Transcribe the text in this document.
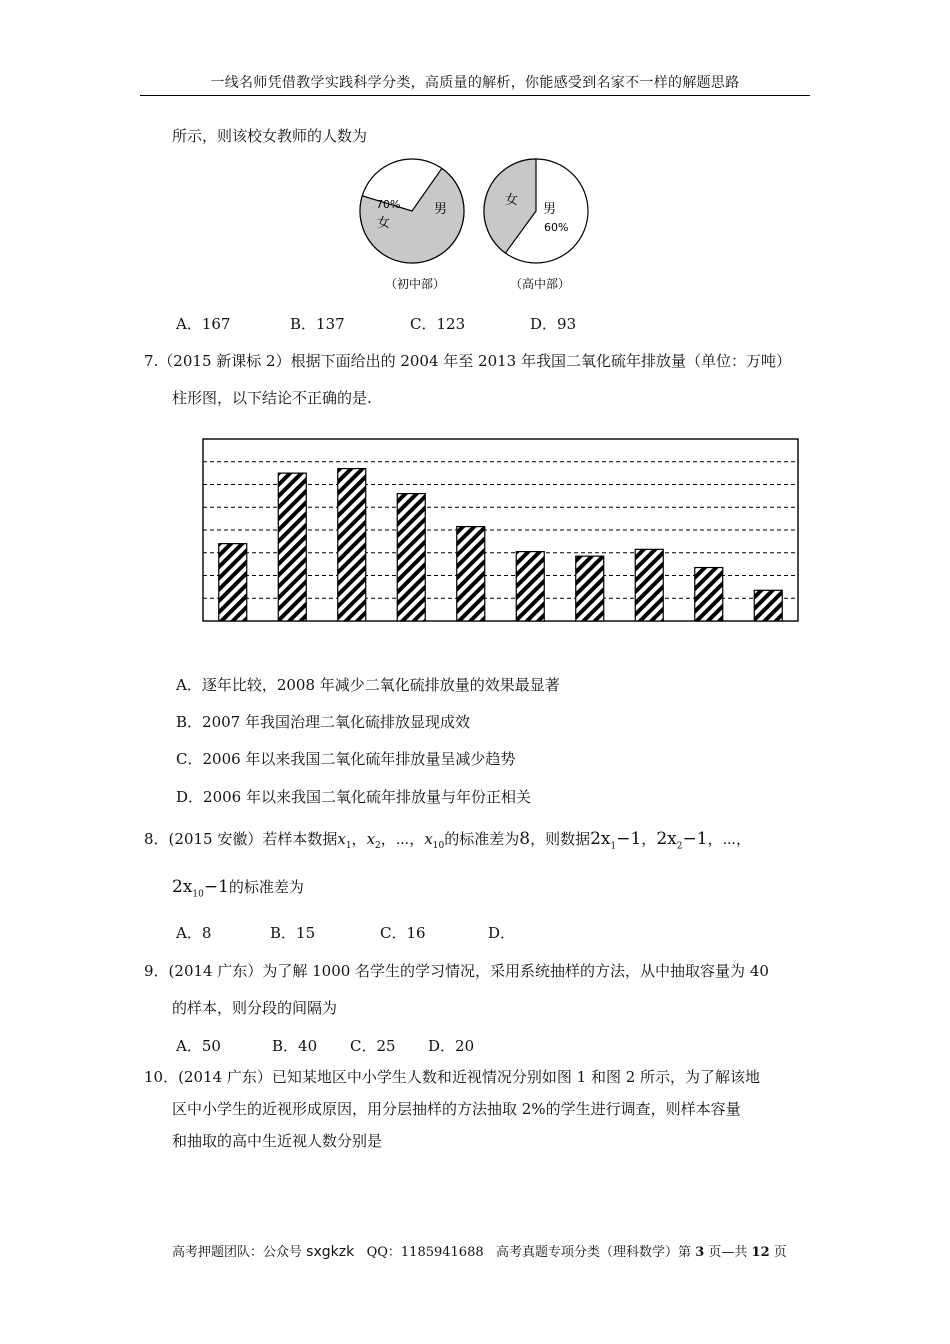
一线名师凭借教学实践科学分类，高质量的解析，你能感受到名家不一样的解题思路
所示，则该校女教师的人数为
70%
女
男
（初中部）
女
男
60%
（高中部）
A．167	B．137	C．123	D．93
7.（2015 新课标 2）根据下面给出的 2004 年至 2013 年我国二氧化硫年排放量（单位：万吨）
柱形图，以下结论不正确的是.
A．逐年比较，2008 年减少二氧化硫排放量的效果最显著
B．2007 年我国治理二氧化硫排放显现成效
C．2006 年以来我国二氧化硫年排放量呈减少趋势
D．2006 年以来我国二氧化硫年排放量与年份正相关
8．(2015 安徽）若样本数据$x_1$，$x_2$，⋯，$x_{10}$的标准差为8，则数据$2x_1-1$，$2x_2-1$，⋯，
$2x_{10}-1$的标准差为
A．8	B．15	C．16	D．
9．(2014 广东）为了解 1000 名学生的学习情况，采用系统抽样的方法，从中抽取容量为 40
的样本，则分段的间隔为
A．50	B．40 C．25 D．20
10．(2014 广东）已知某地区中小学生人数和近视情况分别如图 1 和图 2 所示，为了解该地
区中小学生的近视形成原因，用分层抽样的方法抽取 2%的学生进行调查，则样本容量
和抽取的高中生近视人数分别是
高考押题团队：公众号 sxgkzk QQ：1185941688 高考真题专项分类（理科数学）第 3 页—共 12 页
